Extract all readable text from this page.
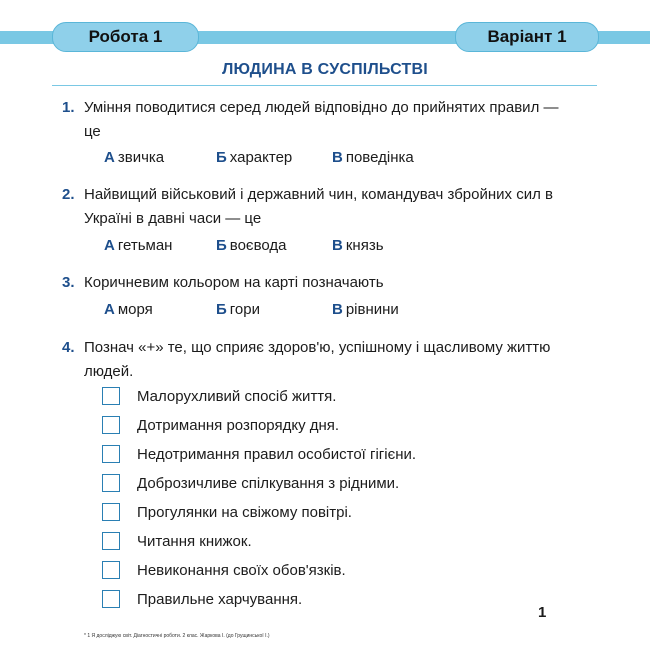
Робота 1	Варіант 1
ЛЮДИНА В СУСПІЛЬСТВІ
1. Уміння поводитися серед людей відповідно до прийнятих правил — це
А звичка	Б характер	В поведінка
2. Найвищий військовий і державний чин, командувач збройних сил в Україні в давні часи — це
А гетьман	Б воєвода	В князь
3. Коричневим кольором на карті позначають
А моря	Б гори	В рівнини
4. Познач «+» те, що сприяє здоров'ю, успішному і щасливому життю людей.
Малорухливий спосіб життя.
Дотримання розпорядку дня.
Недотримання правил особистої гігієни.
Доброзичливе спілкування з рідними.
Прогулянки на свіжому повітрі.
Читання книжок.
Невиконання своїх обов'язків.
Правильне харчування.
1
* 1 Я досліджую світ. Діагностичні роботи. 2 клас. Жаркова І. (до Грущинської І.)
